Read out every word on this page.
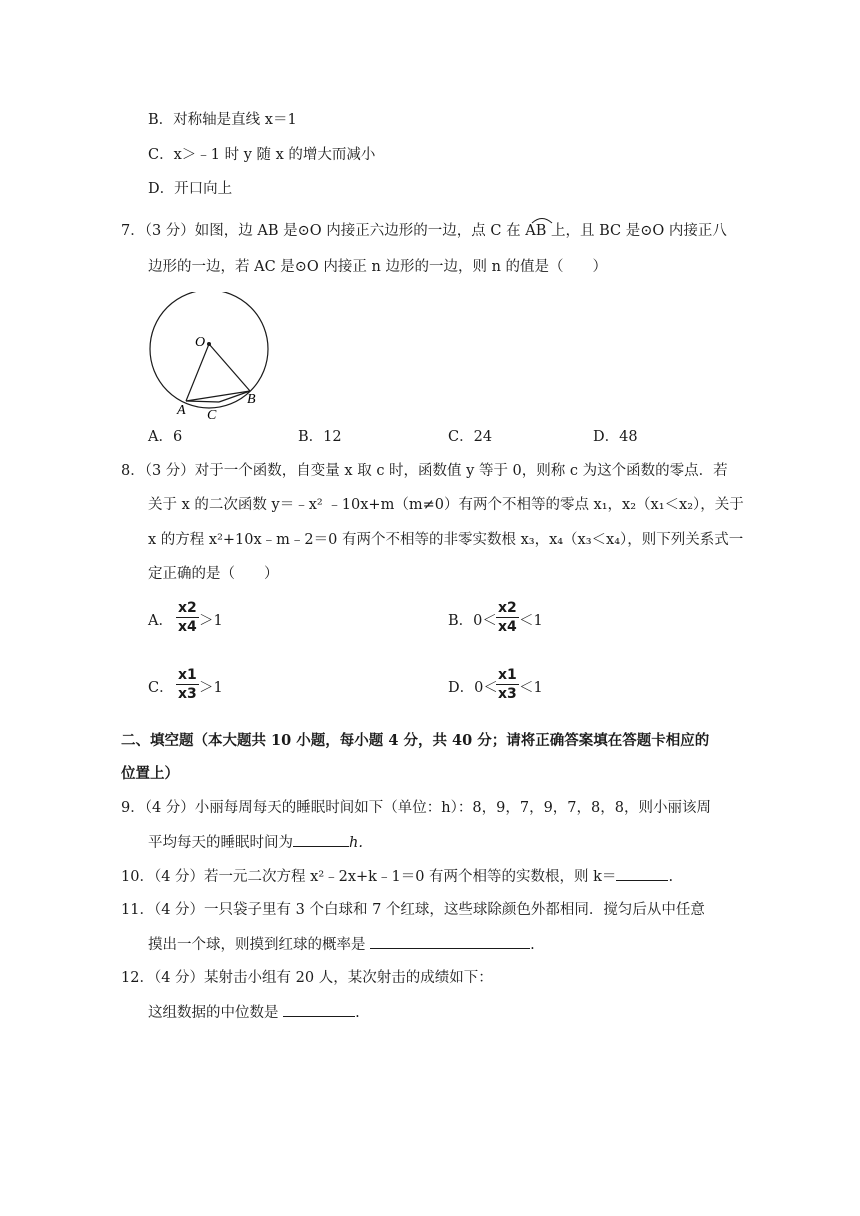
B．对称轴是直线 x＝1
C．x＞﹣1 时 y 随 x 的增大而减小
D．开口向上
7．（3 分）如图，边 AB 是⊙O 内接正六边形的一边，点 C 在 AB 上，且 BC 是⊙O 内接正八
边形的一边，若 AC 是⊙O 内接正 n 边形的一边，则 n 的值是（　　）
O
A C
B
A．6	B．12	C．24	D．48
8．（3 分）对于一个函数，自变量 x 取 c 时，函数值 y 等于 0，则称 c 为这个函数的零点．若
关于 x 的二次函数 y＝﹣x² ﹣10x+m（m≠0）有两个不相等的零点 x₁，x₂（x₁＜x₂），关于
x 的方程 x²+10x﹣m﹣2＝0 有两个不相等的非零实数根 x₃，x₄（x₃＜x₄），则下列关系式一
定正确的是（　　）
A． $\frac{x2}{x4} >1$	B．$0< \frac{x2}{x4} <1$
C． $\frac{x1}{x3} >1$	D．0＜
$\frac{x1}{x3} <1$
二、填空题（本大题共 10 小题，每小题 4 分，共 40 分；请将正确答案填在答题卡相应的
位置上）
9．（4 分）小丽每周每天的睡眠时间如下（单位：h）：8，9，7，9，7，8，8，则小丽该周
平均每天的睡眠时间为	h.
10．（4 分）若一元二次方程 x²﹣2x+k﹣1＝0 有两个相等的实数根，则 k＝	.
11．（4 分）一只袋子里有 3 个白球和 7 个红球，这些球除颜色外都相同．搅匀后从中任意
摸出一个球，则摸到红球的概率是	.
12．（4 分）某射击小组有 20 人，某次射击的成绩如下：
这组数据的中位数是	.
